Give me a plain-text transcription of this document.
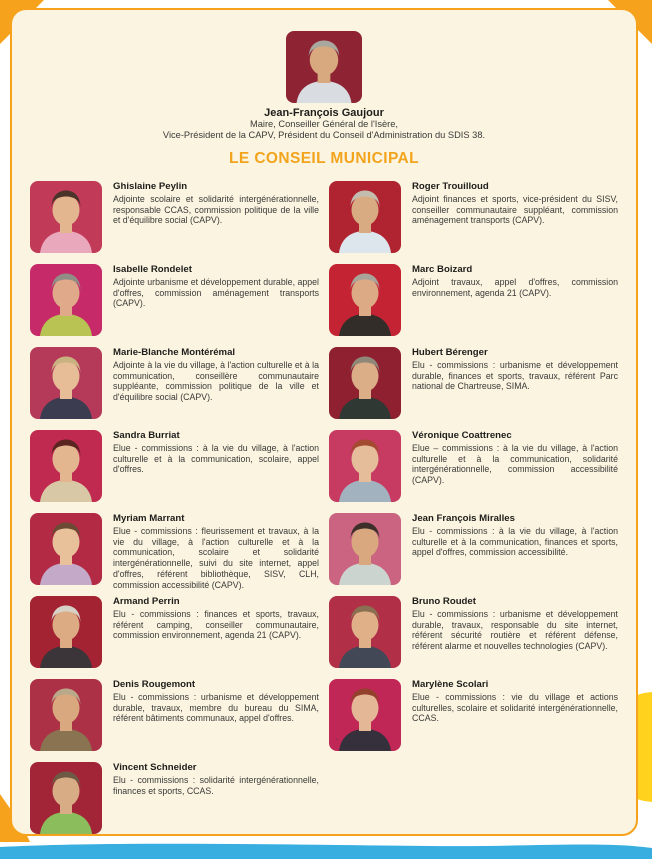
Jean-François Gaujour
Maire, Conseiller Général de l'Isère,
Vice-Président de la CAPV, Président du Conseil d'Administration du SDIS 38.
LE CONSEIL MUNICIPAL
Ghislaine Peylin
Adjointe scolaire et solidarité intergénérationnelle, responsable CCAS, commission politique de la ville et d'équilibre social (CAPV).
Isabelle Rondelet
Adjointe urbanisme et développement durable, appel d'offres, commission aménagement transports (CAPV).
Marie-Blanche Montérémal
Adjointe à la vie du village, à l'action culturelle et à la communication, conseillère communautaire suppléante, commission politique de la ville et d'équilibre social (CAPV).
Sandra Burriat
Elue - commissions : à la vie du village, à l'action culturelle et à la communication, scolaire, appel d'offres.
Myriam Marrant
Elue - commissions : fleurissement et travaux, à la vie du village, à l'action culturelle et à la communication, scolaire et solidarité intergénérationnelle, suivi du site internet, appel d'offres, référent bibliothèque, SISV, CLH, commission accessibilité (CAPV).
Armand Perrin
Elu - commissions : finances et sports, travaux, référent camping, conseiller communautaire, commission environnement, agenda 21 (CAPV).
Denis Rougemont
Elu - commissions : urbanisme et développement durable, travaux, membre du bureau du SIMA, référent bâtiments communaux, appel d'offres.
Vincent Schneider
Elu - commissions : solidarité intergénérationnelle, finances et sports, CCAS.
Roger Trouilloud
Adjoint finances et sports, vice-président du SISV, conseiller communautaire suppléant, commission aménagement transports (CAPV).
Marc Boizard
Adjoint travaux, appel d'offres, commission environnement, agenda 21 (CAPV).
Hubert Bérenger
Elu - commissions : urbanisme et développement durable, finances et sports, travaux, référent Parc national de Chartreuse, SIMA.
Véronique Coattrenec
Elue – commissions : à la vie du village, à l'action culturelle et à la communication, solidarité intergénérationnelle, commission accessibilité (CAPV).
Jean François Miralles
Elu - commissions : à la vie du village, à l'action culturelle et à la communication, finances et sports, appel d'offres, commission accessibilité.
Bruno Roudet
Elu - commissions : urbanisme et développement durable, travaux, responsable du site internet, référent sécurité routière et référent défense, référent alarme et nouvelles technologies (CAPV).
Marylène Scolari
Elue - commissions : vie du village et actions culturelles, scolaire et solidarité intergénérationnelle, CCAS.
.
